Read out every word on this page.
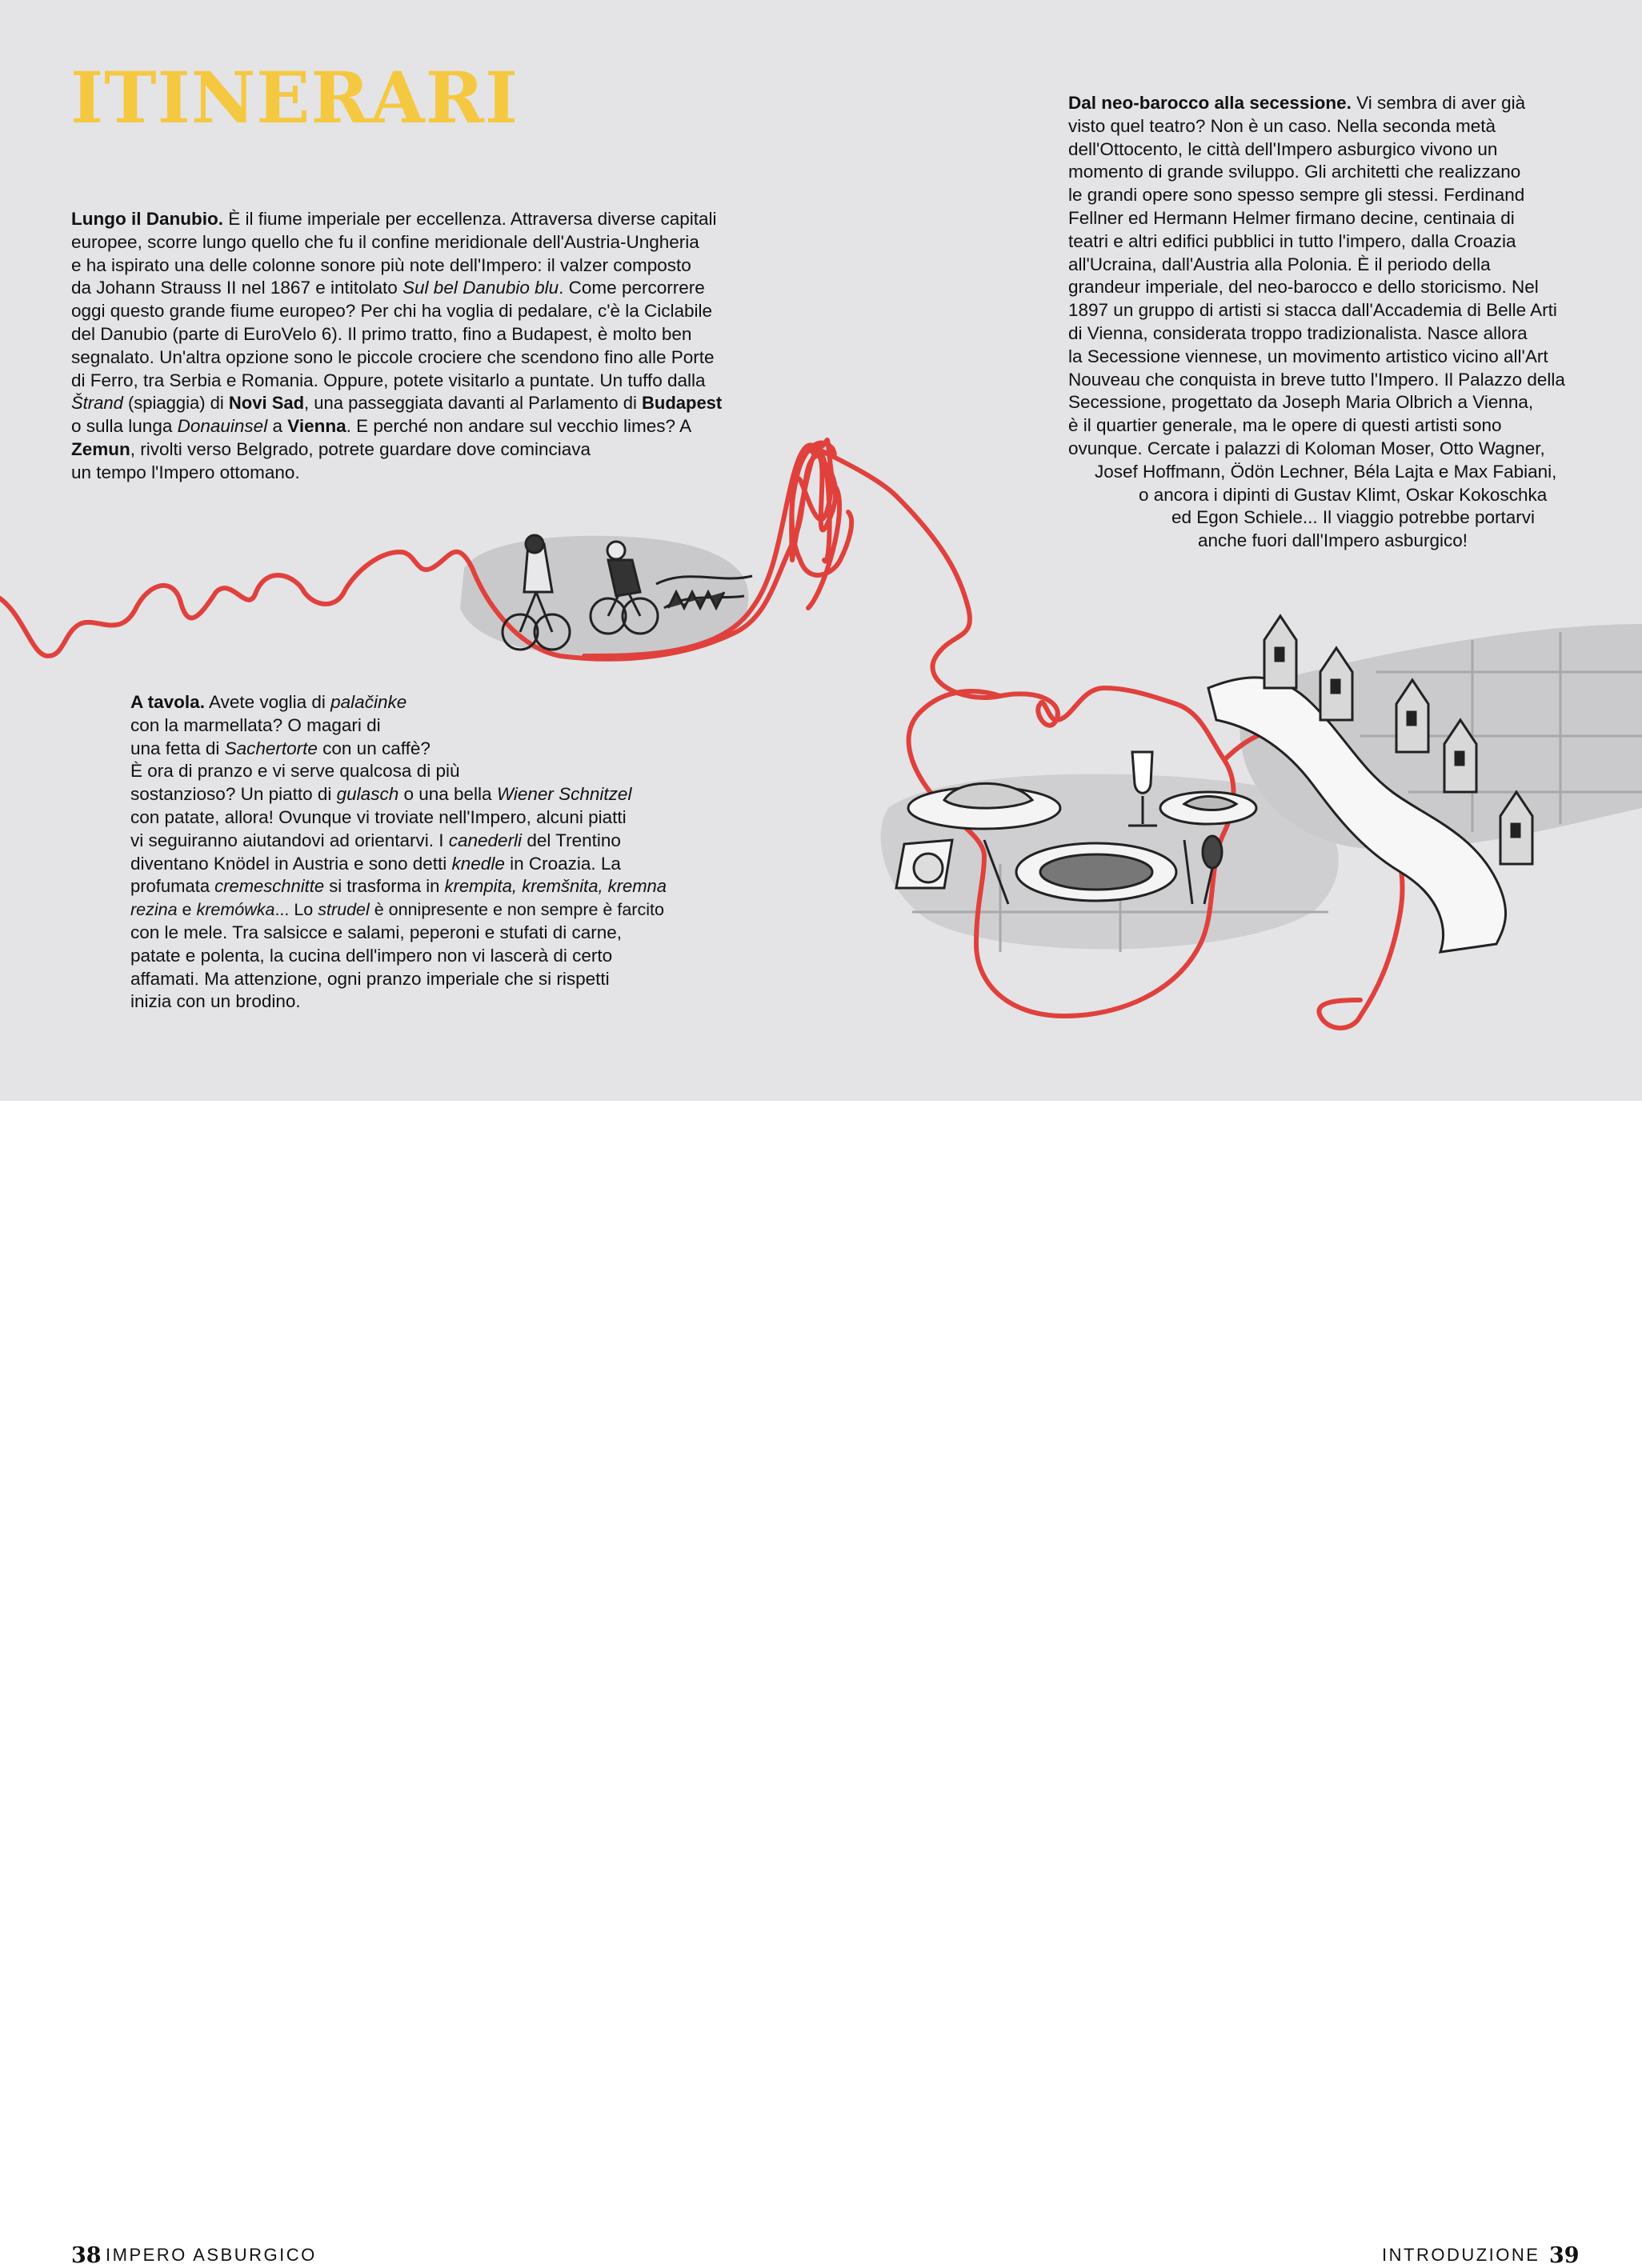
ITINERARI
Lungo il Danubio. È il fiume imperiale per eccellenza. Attraversa diverse capitali
europee, scorre lungo quello che fu il confine meridionale dell'Austria-Ungheria
e ha ispirato una delle colonne sonore più note dell'Impero: il valzer composto
da Johann Strauss II nel 1867 e intitolato Sul bel Danubio blu. Come percorrere
oggi questo grande fiume europeo? Per chi ha voglia di pedalare, c'è la Ciclabile
del Danubio (parte di EuroVelo 6). Il primo tratto, fino a Budapest, è molto ben
segnalato. Un'altra opzione sono le piccole crociere che scendono fino alle Porte
di Ferro, tra Serbia e Romania. Oppure, potete visitarlo a puntate. Un tuffo dalla
Štrand (spiaggia) di Novi Sad, una passeggiata davanti al Parlamento di Budapest
o sulla lunga Donauinsel a Vienna. E perché non andare sul vecchio limes? A
Zemun, rivolti verso Belgrado, potrete guardare dove cominciava
un tempo l'Impero ottomano.
A tavola. Avete voglia di palačinke
con la marmellata? O magari di
una fetta di Sachertorte con un caffè?
È ora di pranzo e vi serve qualcosa di più
sostanzioso? Un piatto di gulasch o una bella Wiener Schnitzel
con patate, allora! Ovunque vi troviate nell'Impero, alcuni piatti
vi seguiranno aiutandovi ad orientarvi. I canederli del Trentino
diventano Knödel in Austria e sono detti knedle in Croazia. La
profumata cremeschnitte si trasforma in krempita, kremšnita, kremna
rezina e kremówka... Lo strudel è onnipresente e non sempre è farcito
con le mele. Tra salsicce e salami, peperoni e stufati di carne,
patate e polenta, la cucina dell'impero non vi lascerà di certo
affamati. Ma attenzione, ogni pranzo imperiale che si rispetti
inizia con un brodino.
Dal neo-barocco alla secessione. Vi sembra di aver già
visto quel teatro? Non è un caso. Nella seconda metà
dell'Ottocento, le città dell'Impero asburgico vivono un
momento di grande sviluppo. Gli architetti che realizzano
le grandi opere sono spesso sempre gli stessi. Ferdinand
Fellner ed Hermann Helmer firmano decine, centinaia di
teatri e altri edifici pubblici in tutto l'impero, dalla Croazia
all'Ucraina, dall'Austria alla Polonia. È il periodo della
grandeur imperiale, del neo-barocco e dello storicismo. Nel
1897 un gruppo di artisti si stacca dall'Accademia di Belle Arti
di Vienna, considerata troppo tradizionalista. Nasce allora
la Secessione viennese, un movimento artistico vicino all'Art
Nouveau che conquista in breve tutto l'Impero. Il Palazzo della
Secessione, progettato da Joseph Maria Olbrich a Vienna,
è il quartier generale, ma le opere di questi artisti sono
ovunque. Cercate i palazzi di Koloman Moser, Otto Wagner,
Josef Hoffmann, Ödön Lechner, Béla Lajta e Max Fabiani,
o ancora i dipinti di Gustav Klimt, Oskar Kokoschka
ed Egon Schiele... Il viaggio potrebbe portarvi
anche fuori dall'Impero asburgico!
38 IMPERO ASBURGICO	INTRODUZIONE 39
